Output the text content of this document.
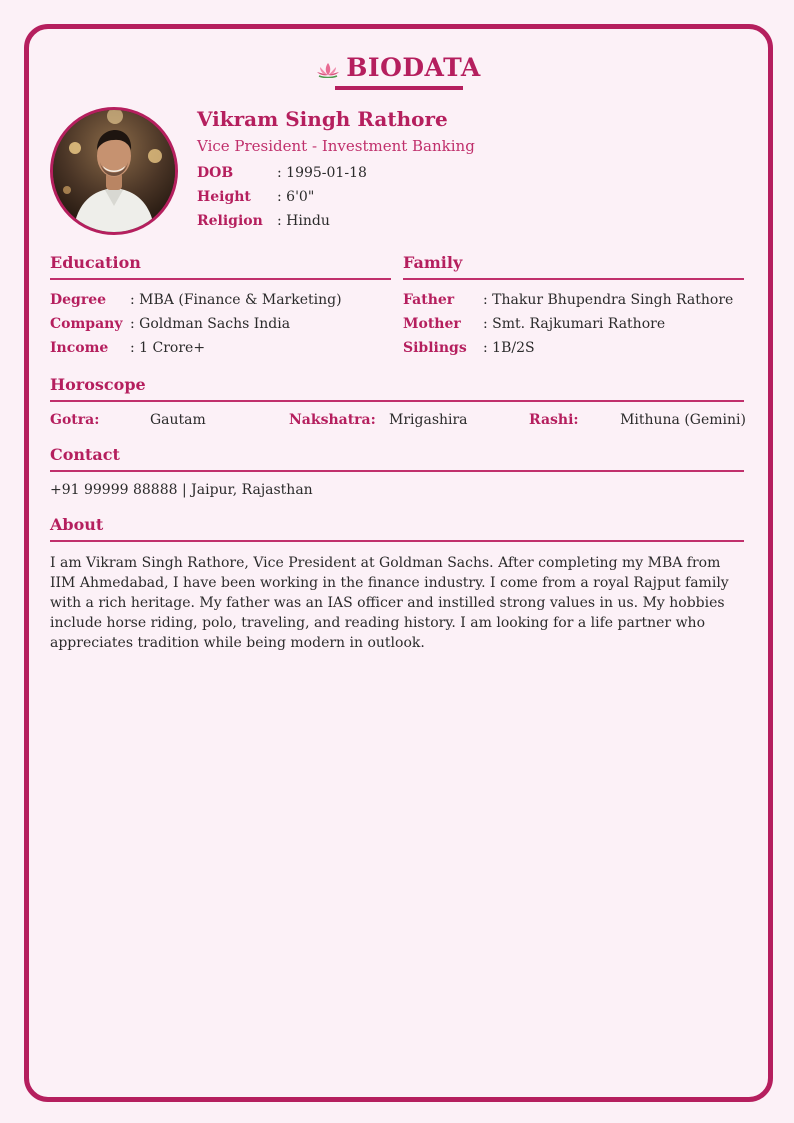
BIODATA
Vikram Singh Rathore
Vice President - Investment Banking
DOB	: 1995-01-18
Height : 6'0"
Religion : Hindu
Education
Degree : MBA (Finance & Marketing)
Company : Goldman Sachs India
Income : 1 Crore+
Family
Father : Thakur Bhupendra Singh Rathore
Mother : Smt. Rajkumari Rathore
Siblings : 1B/2S
Horoscope
Gotra:	Gautam	Nakshatra: Mrigashira	Rashi:	Mithuna (Gemini)
Contact
+91 99999 88888 | Jaipur, Rajasthan
About
I am Vikram Singh Rathore, Vice President at Goldman Sachs. After completing my MBA from IIM Ahmedabad, I have been working in the finance industry. I come from a royal Rajput family with a rich heritage. My father was an IAS officer and instilled strong values in us. My hobbies include horse riding, polo, traveling, and reading history. I am looking for a life partner who appreciates tradition while being modern in outlook.
